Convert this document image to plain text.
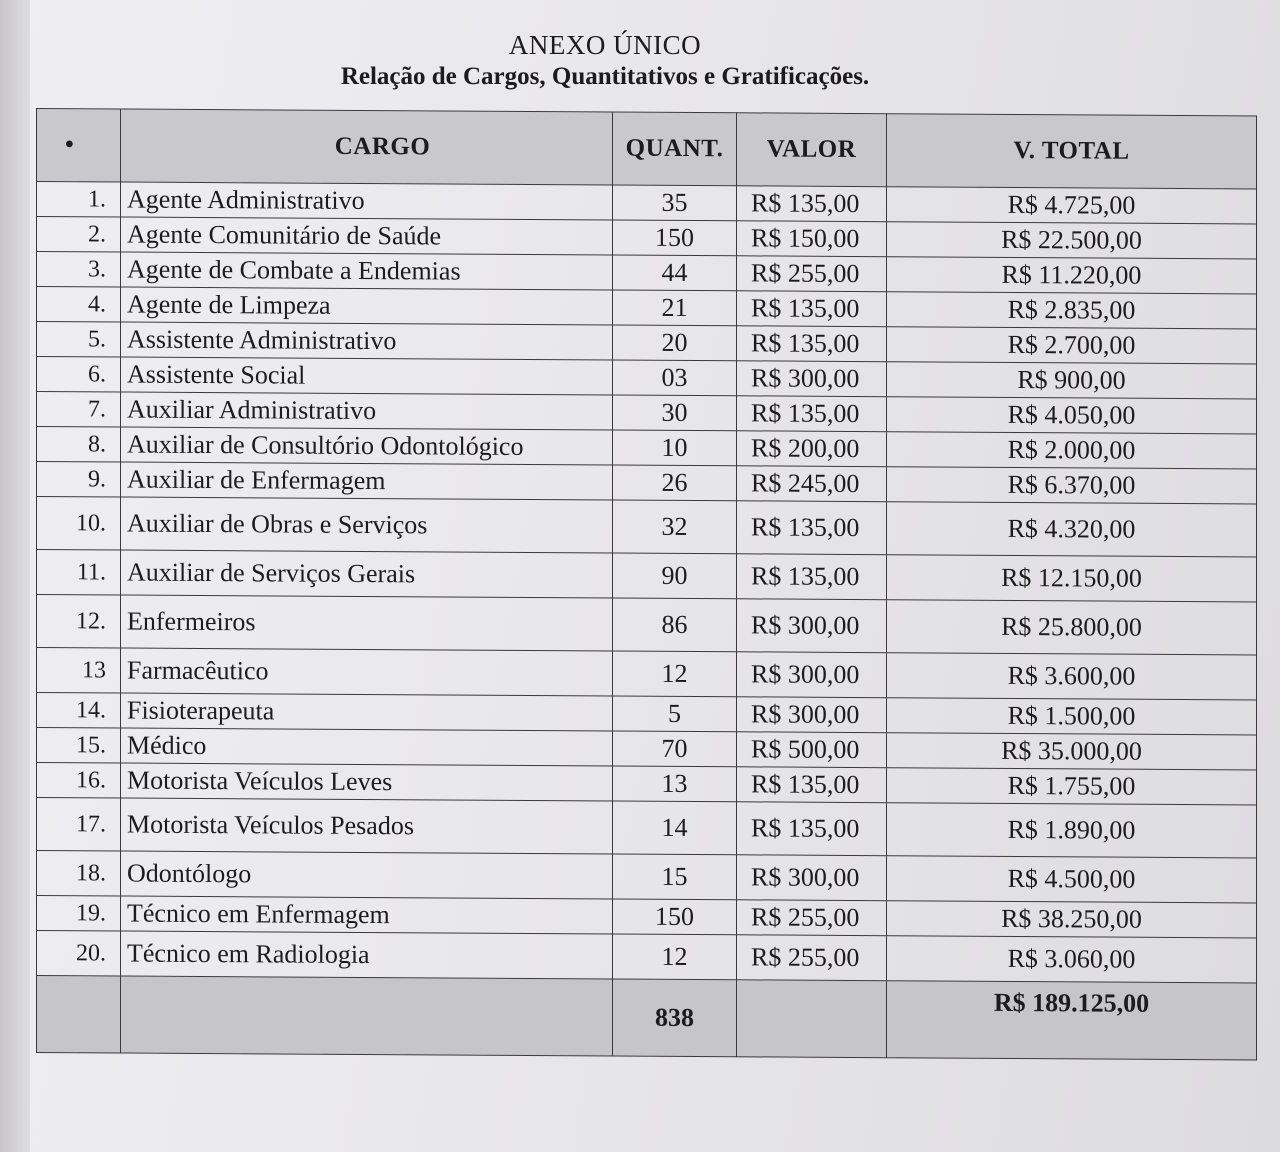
ANEXO ÚNICO
Relação de Cargos, Quantitativos e Gratificações.
•	CARGO	QUANT.	VALOR	V. TOTAL
1.	Agente Administrativo	35	R$ 135,00	R$ 4.725,00
2.	Agente Comunitário de Saúde	150	R$ 150,00	R$ 22.500,00
3.	Agente de Combate a Endemias	44	R$ 255,00	R$ 11.220,00
4.	Agente de Limpeza	21	R$ 135,00	R$ 2.835,00
5.	Assistente Administrativo	20	R$ 135,00	R$ 2.700,00
6.	Assistente Social	03	R$ 300,00	R$ 900,00
7.	Auxiliar Administrativo	30	R$ 135,00	R$ 4.050,00
8.	Auxiliar de Consultório Odontológico	10	R$ 200,00	R$ 2.000,00
9.	Auxiliar de Enfermagem	26	R$ 245,00	R$ 6.370,00
10.	Auxiliar de Obras e Serviços	32	R$ 135,00	R$ 4.320,00
11.	Auxiliar de Serviços Gerais	90	R$ 135,00	R$ 12.150,00
12.	Enfermeiros	86	R$ 300,00	R$ 25.800,00
13	Farmacêutico	12	R$ 300,00	R$ 3.600,00
14.	Fisioterapeuta	5	R$ 300,00	R$ 1.500,00
15.	Médico	70	R$ 500,00	R$ 35.000,00
16.	Motorista Veículos Leves	13	R$ 135,00	R$ 1.755,00
17.	Motorista Veículos Pesados	14	R$ 135,00	R$ 1.890,00
18.	Odontólogo	15	R$ 300,00	R$ 4.500,00
19.	Técnico em Enfermagem	150	R$ 255,00	R$ 38.250,00
20.	Técnico em Radiologia	12	R$ 255,00	R$ 3.060,00
		838		R$ 189.125,00
